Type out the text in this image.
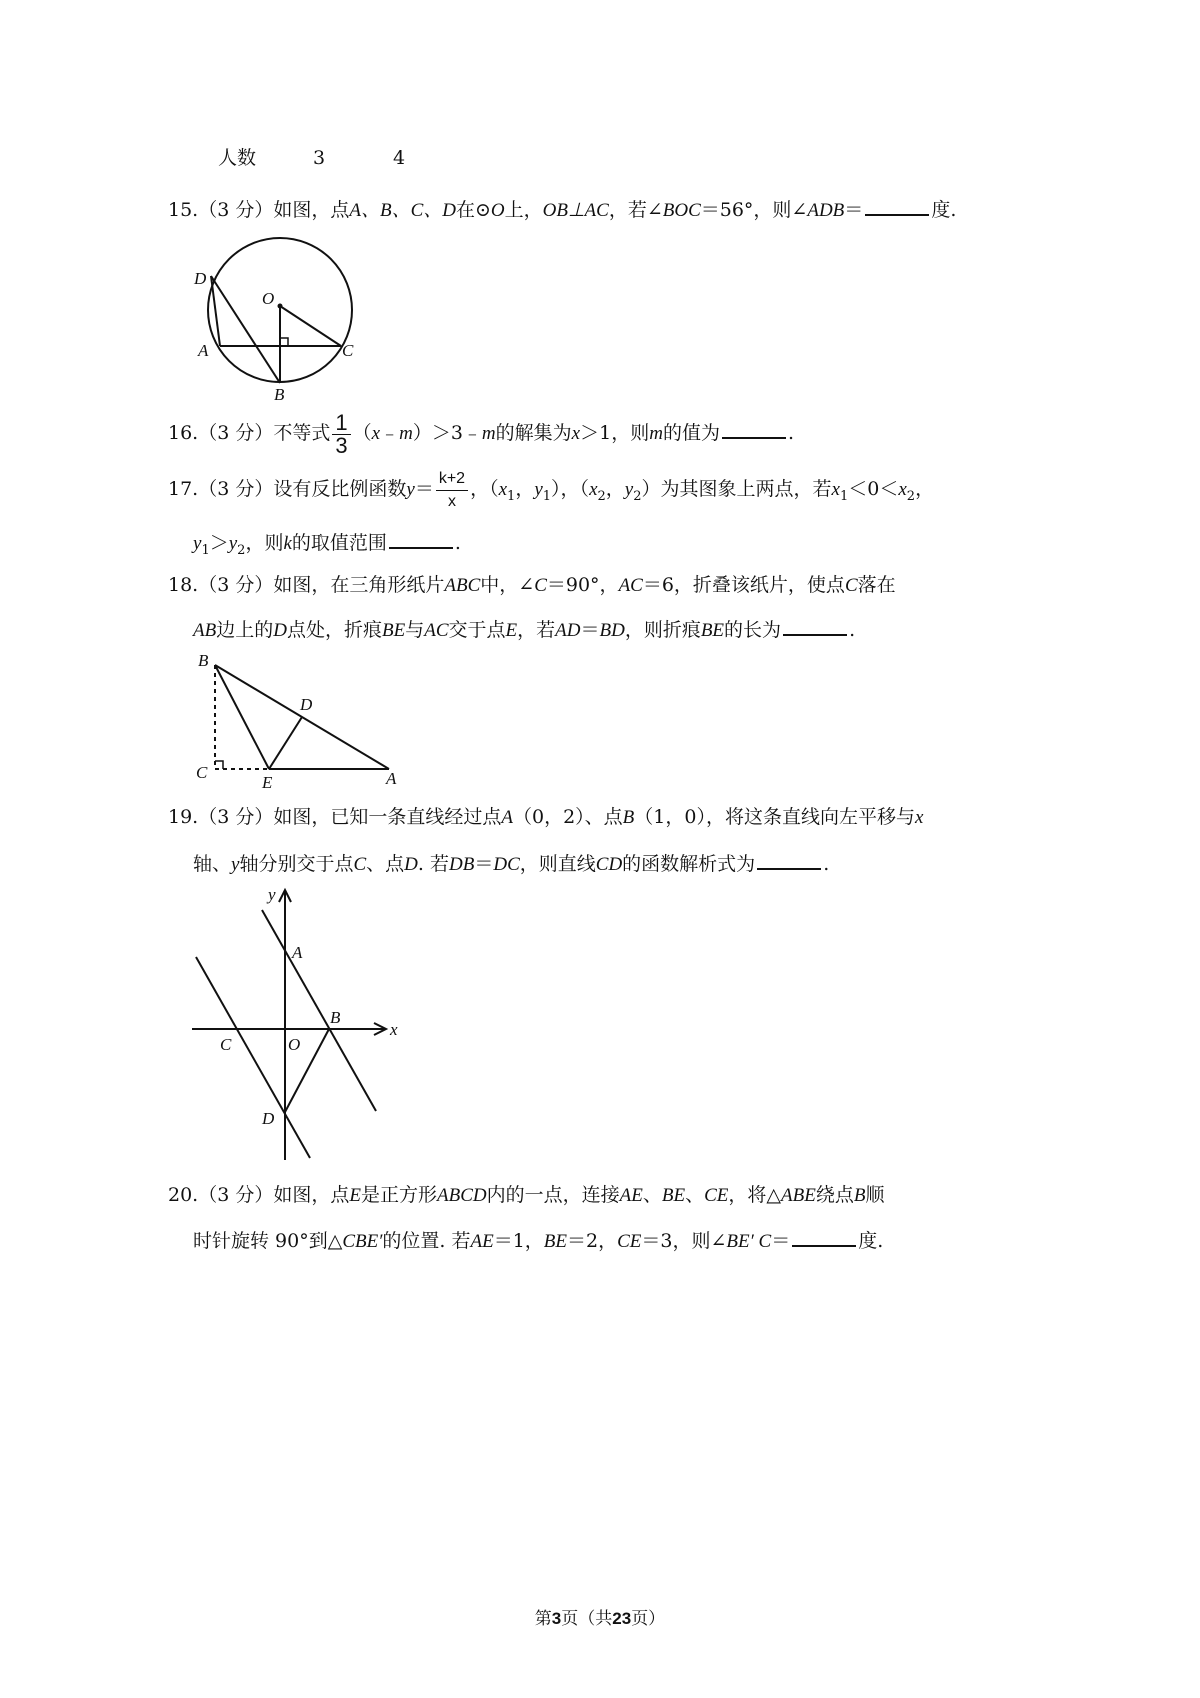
人数	3	4
15.（3 分）如图，点A、B、C、D在⊙O上，OB⊥AC，若∠BOC＝56°，则∠ADB＝	度.
D
O
A	C
B
16.（3 分）不等式 $\frac{1}{3}$ （x﹣m）＞3﹣m的解集为x＞1，则m的值为	.
17.（3 分）设有反比例函数$y= \frac{k+2}{x}$ ，（$x_1$，$y_1$），（$x_2$，$y_2$）为其图象上两点，若$x_1<0<x_2$，
$y_1>y_2$，则k的取值范围	.
18.（3 分）如图，在三角形纸片ABC中，∠C＝90°，AC＝6，折叠该纸片，使点C落在
AB边上的D点处，折痕BE与AC交于点E，若AD＝BD，则折痕BE的长为	.
B
D
C
E	A
19.（3 分）如图，已知一条直线经过点A（0，2）、点B（1，0），将这条直线向左平移与x
轴、y轴分别交于点C、点D. 若DB＝DC，则直线CD的函数解析式为	.
y
A
B
x
C	O
D
20.（3 分）如图，点E是正方形ABCD内的一点，连接AE、BE、CE，将△ABE绕点B顺
时针旋转 90°到△CBE′的位置. 若AE＝1，BE＝2，CE＝3，则∠BE′ C＝	度.
第3页（共23页）
